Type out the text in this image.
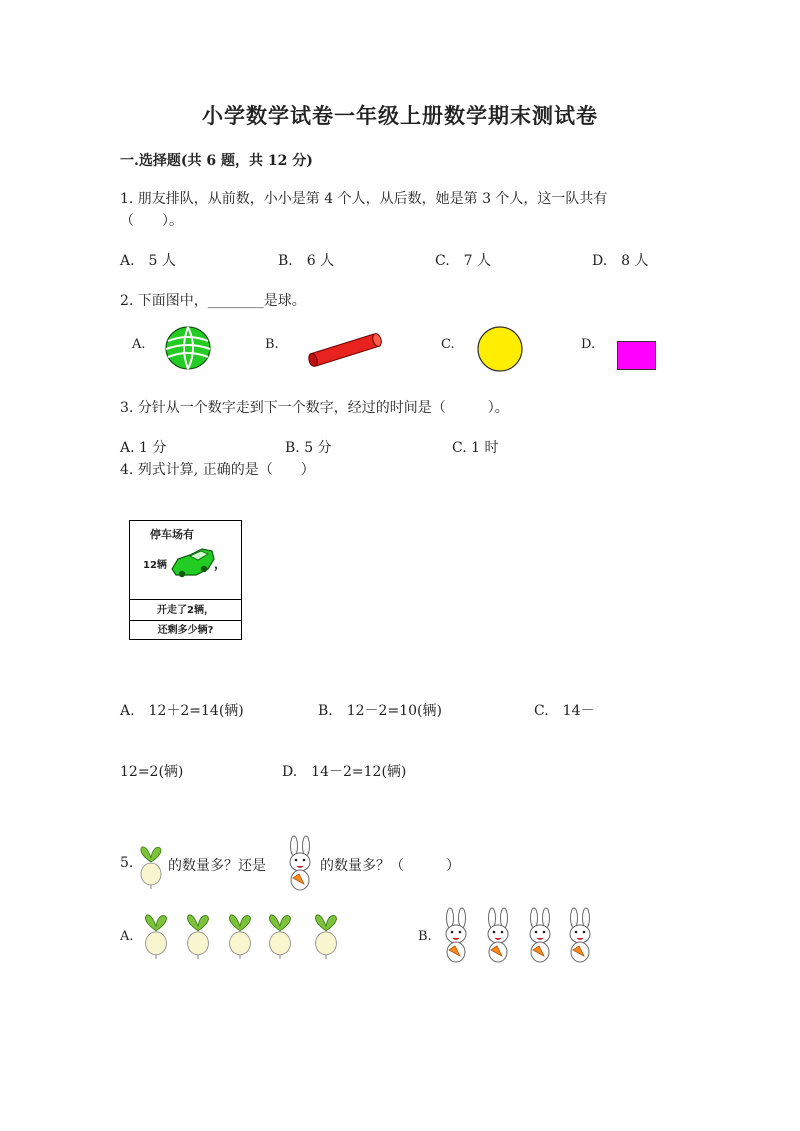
小学数学试卷一年级上册数学期末测试卷
一.选择题(共 6 题，共 12 分)
1. 朋友排队，从前数，小小是第 4 个人，从后数，她是第 3 个人，这一队共有
（　　）。
A.　5 人	B.　6 人	C.　7 人	D.　8 人
2. 下面图中，________是球。
A.	B.	C.	D.
3. 分针从一个数字走到下一个数字，经过的时间是（　　　）。
A. 1 分	B. 5 分	C. 1 时
4. 列式计算, 正确的是（　　）
停车场有
12辆	，
开走了2辆，
还剩多少辆?
A.　12＋2=14(辆)	B.　12－2=10(辆)	C.　14－
12=2(辆)	D.　14－2=12(辆)
5. 的数量多？还是	的数量多？（　　　）
A.	B.
